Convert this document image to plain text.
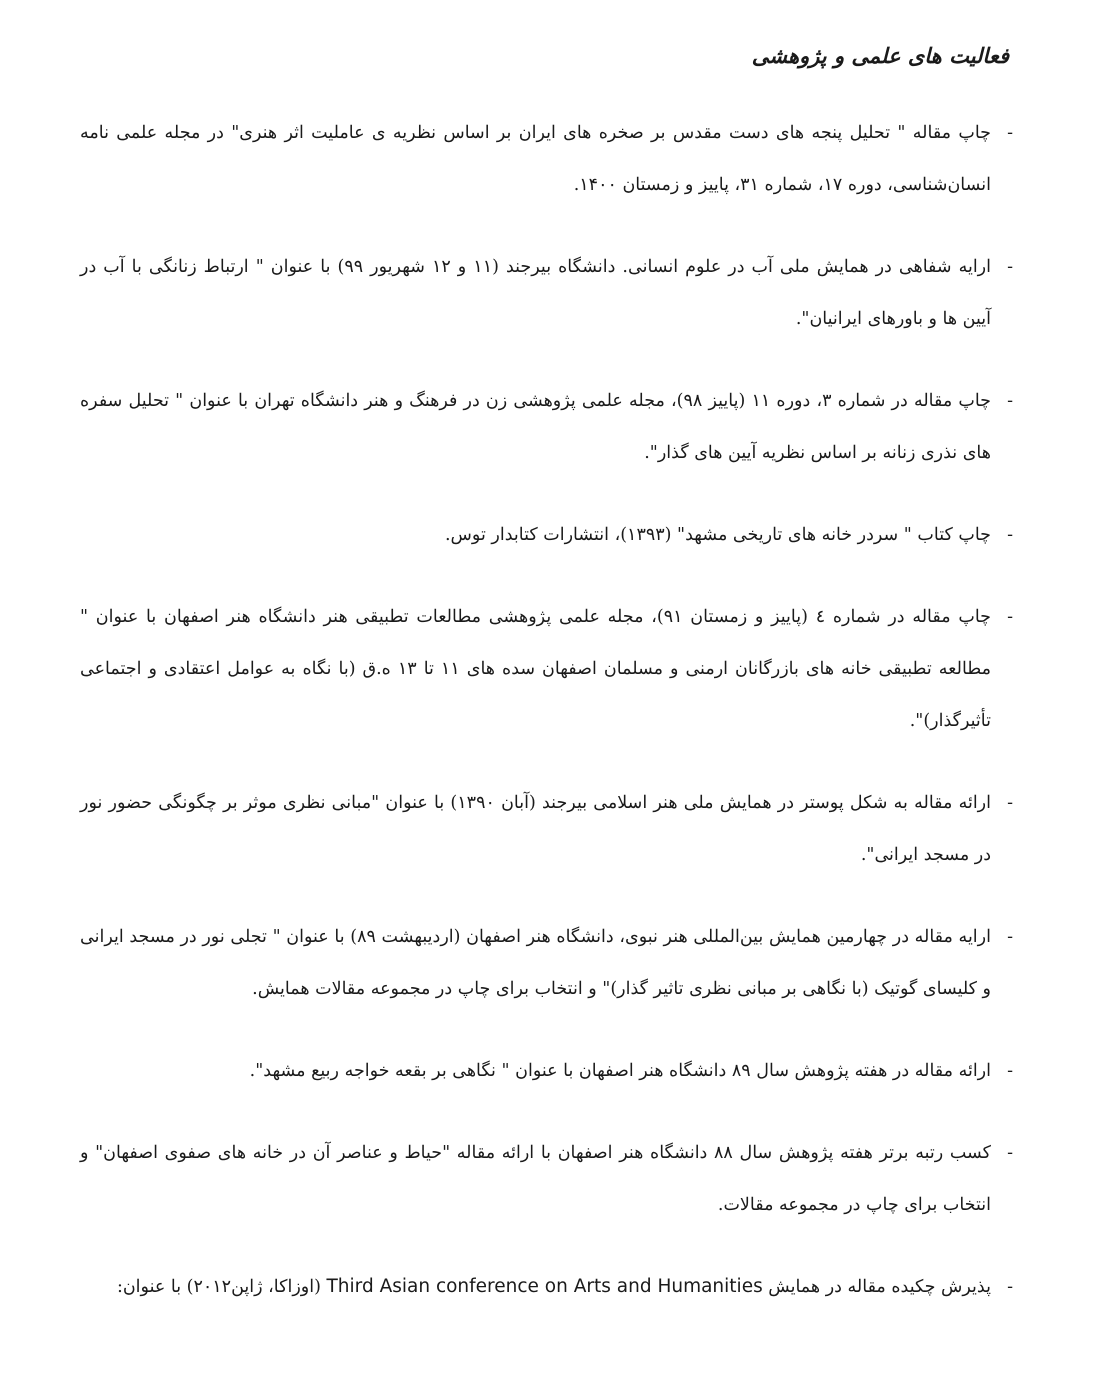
فعالیت های علمی و پژوهشی
-
چاپ مقاله " تحلیل پنجه های دست مقدس بر صخره های ایران بر اساس نظریه ی عاملیت اثر هنری" در مجله علمی نامه انسان‌شناسی، دوره ۱۷، شماره ۳۱، پاییز و زمستان ۱۴۰۰.
-
ارایه شفاهی در همایش ملی آب در علوم انسانی. دانشگاه بیرجند (۱۱ و ۱۲ شهریور ۹۹) با عنوان " ارتباط زنانگی با آب در آیین ها و باورهای ایرانیان".
-
چاپ مقاله در شماره ۳، دوره ۱۱ (پاییز ۹۸)، مجله علمی پژوهشی زن در فرهنگ و هنر دانشگاه تهران با عنوان " تحلیل سفره های نذری زنانه بر اساس نظریه آیین های گذار".
-
چاپ کتاب " سردر خانه های تاریخی مشهد" (۱۳۹۳)، انتشارات کتابدار توس.
-
چاپ مقاله در شماره ٤ (پاییز و زمستان ۹۱)، مجله علمی پژوهشی مطالعات تطبیقی هنر دانشگاه هنر اصفهان با عنوان " مطالعه تطبیقی خانه های بازرگانان ارمنی و مسلمان اصفهان سده های ۱۱ تا ۱۳ ه.ق (با نگاه به عوامل اعتقادی و اجتماعی تأثیرگذار)".
-
ارائه مقاله به شکل پوستر در همایش ملی هنر اسلامی بیرجند (آبان ۱۳۹۰) با عنوان "مبانی نظری موثر بر چگونگی حضور نور در مسجد ایرانی".
-
ارایه مقاله در چهارمین همایش بین‌المللی هنر نبوی، دانشگاه هنر اصفهان (اردیبهشت ۸۹) با عنوان " تجلی نور در مسجد ایرانی و کلیسای گوتیک (با نگاهی بر مبانی نظری تاثیر گذار)" و انتخاب برای چاپ در مجموعه مقالات همایش.
-
ارائه مقاله در هفته پژوهش سال ۸۹ دانشگاه هنر اصفهان با عنوان " نگاهی بر بقعه خواجه ربیع مشهد".
-
کسب رتبه برتر هفته پژوهش سال ۸۸ دانشگاه هنر اصفهان با ارائه مقاله "حیاط و عناصر آن در خانه های صفوی اصفهان" و انتخاب برای چاپ در مجموعه مقالات.
-
پذیرش چکیده مقاله در همایش Third Asian conference on Arts and Humanities (اوزاکا، ژاپن۲۰۱۲) با عنوان:
